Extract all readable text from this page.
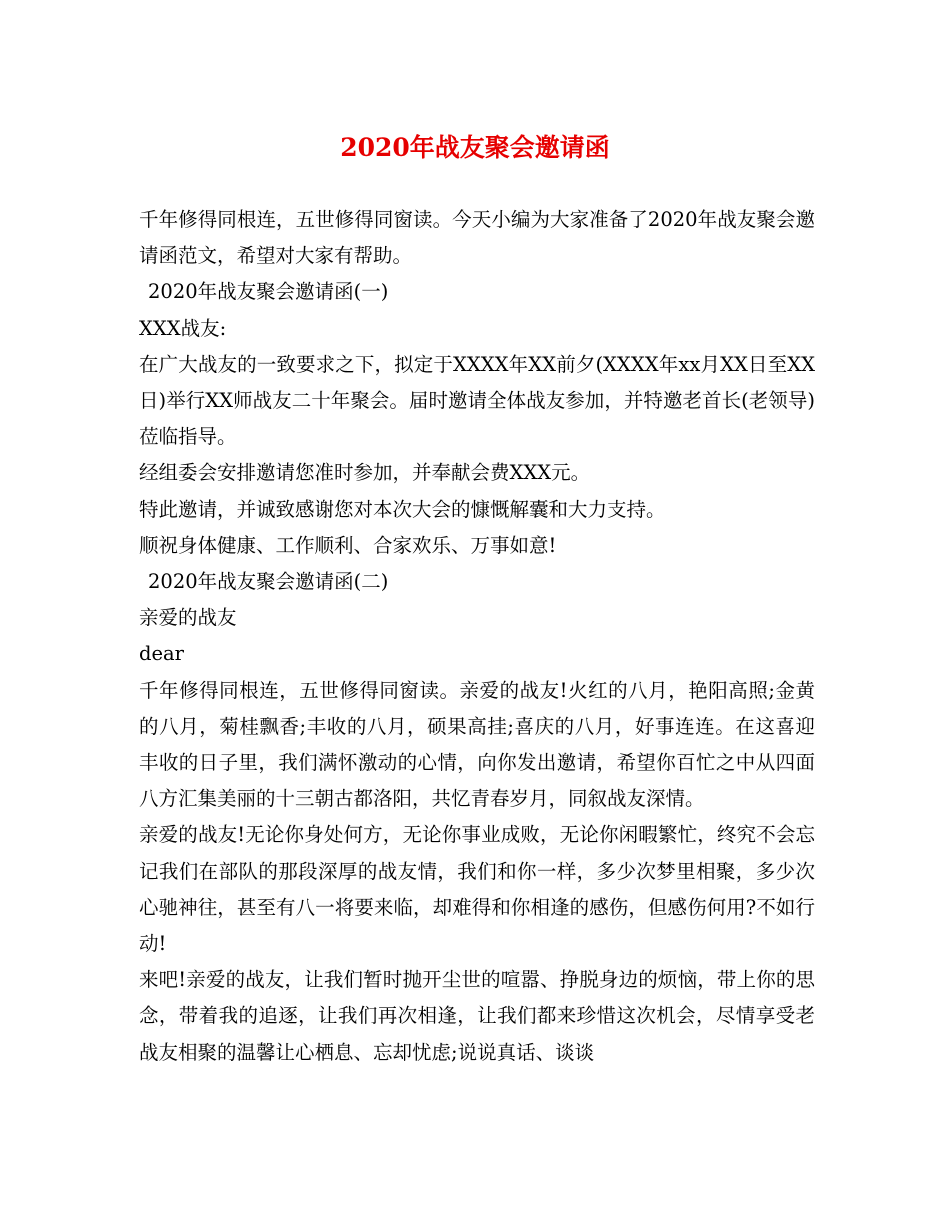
2020年战友聚会邀请函

千年修得同根连，五世修得同窗读。今天小编为大家准备了2020年战友聚会邀请函范文，希望对大家有帮助。

2020年战友聚会邀请函(一)

XXX战友:

在广大战友的一致要求之下，拟定于XXXX年XX前夕(XXXX年xx月XX日至XX日)举行XX师战友二十年聚会。届时邀请全体战友参加，并特邀老首长(老领导)莅临指导。

经组委会安排邀请您准时参加，并奉献会费XXX元。

特此邀请，并诚致感谢您对本次大会的慷慨解囊和大力支持。

顺祝身体健康、工作顺利、合家欢乐、万事如意!

2020年战友聚会邀请函(二)

亲爱的战友

dear

千年修得同根连，五世修得同窗读。亲爱的战友!火红的八月，艳阳高照;金黄的八月，菊桂飘香;丰收的八月，硕果高挂;喜庆的八月，好事连连。在这喜迎丰收的日子里，我们满怀激动的心情，向你发出邀请，希望你百忙之中从四面八方汇集美丽的十三朝古都洛阳，共忆青春岁月，同叙战友深情。

亲爱的战友!无论你身处何方，无论你事业成败，无论你闲暇繁忙，终究不会忘记我们在部队的那段深厚的战友情，我们和你一样，多少次梦里相聚，多少次心驰神往，甚至有八一将要来临，却难得和你相逢的感伤，但感伤何用?不如行动!

来吧!亲爱的战友，让我们暂时抛开尘世的喧嚣、挣脱身边的烦恼，带上你的思念，带着我的追逐，让我们再次相逢，让我们都来珍惜这次机会，尽情享受老战友相聚的温馨让心栖息、忘却忧虑;说说真话、谈谈
